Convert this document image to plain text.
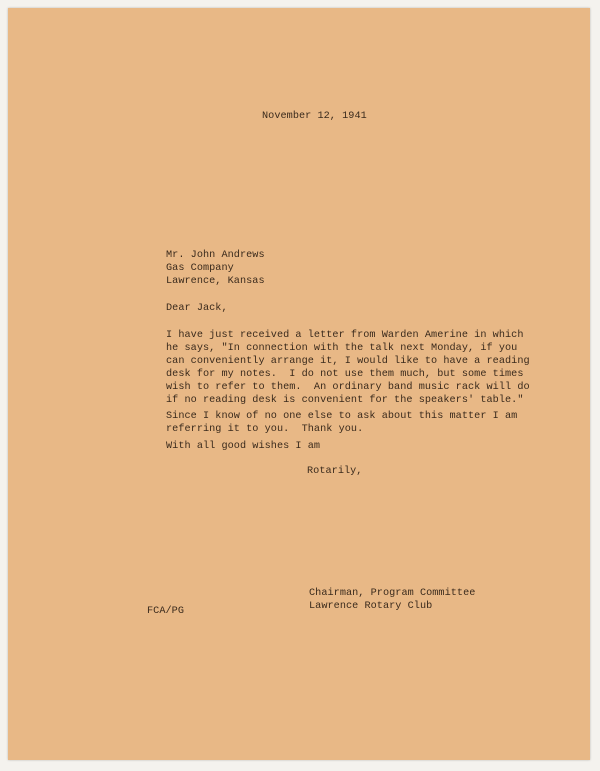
November 12, 1941
Mr. John Andrews
Gas Company
Lawrence, Kansas
Dear Jack,
I have just received a letter from Warden Amerine in which
he says, "In connection with the talk next Monday, if you
can conveniently arrange it, I would like to have a reading
desk for my notes.  I do not use them much, but some times
wish to refer to them.  An ordinary band music rack will do
if no reading desk is convenient for the speakers' table."
Since I know of no one else to ask about this matter I am
referring it to you.  Thank you.
With all good wishes I am
Rotarily,
Chairman, Program Committee
Lawrence Rotary Club
FCA/PG
